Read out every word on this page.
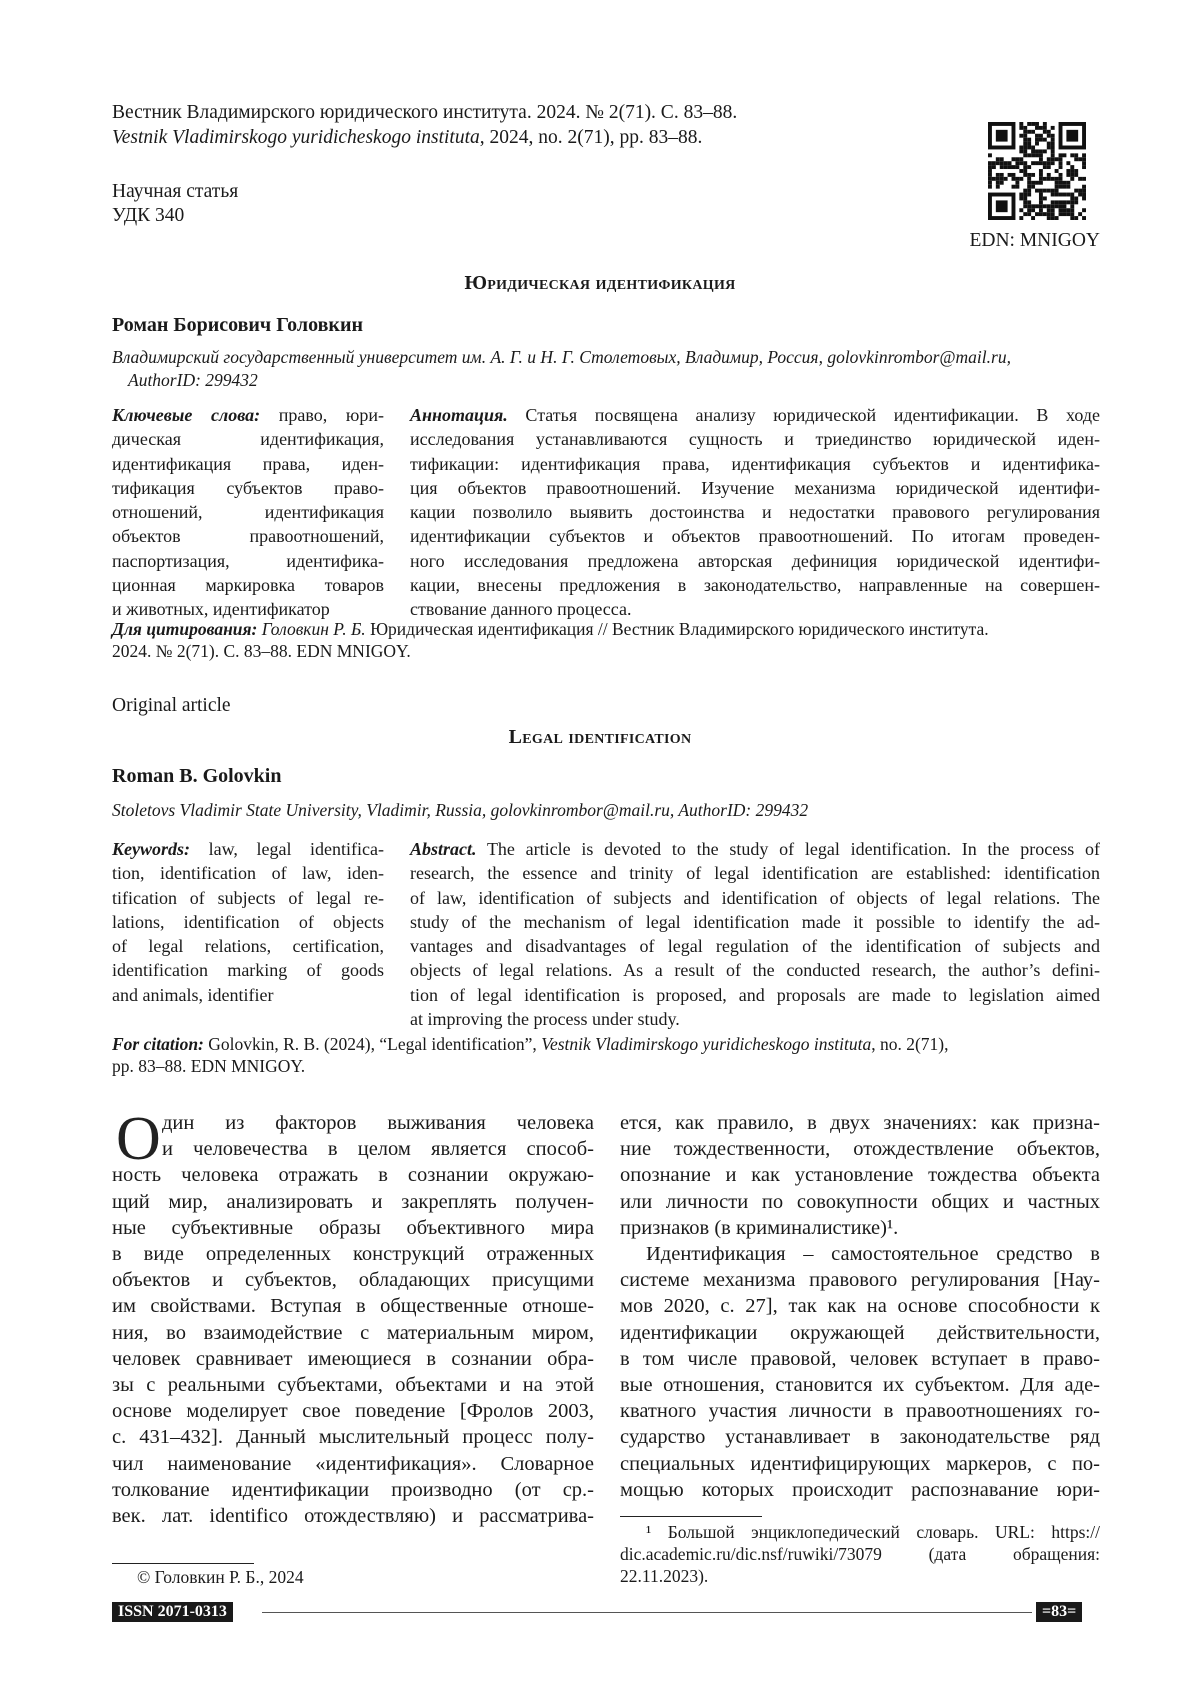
Вестник Владимирского юридического института. 2024. № 2(71). С. 83–88.
Vestnik Vladimirskogo yuridicheskogo instituta, 2024, no. 2(71), pp. 83–88.
Научная статья
УДК 340
EDN: MNIGOY
Юридическая идентификация
Роман Борисович Головкин
Владимирский государственный университет им. А. Г. и Н. Г. Столетовых, Владимир, Россия, golovkinrombor@mail.ru,
AuthorID: 299432
Ключевые слова: право, юри-
дическая идентификация,
идентификация права, иден-
тификация субъектов право-
отношений, идентификация
объектов правоотношений,
паспортизация, идентифика-
ционная маркировка товаров
и животных, идентификатор
Аннотация. Статья посвящена анализу юридической идентификации. В ходе
исследования устанавливаются сущность и триединство юридической иден-
тификации: идентификация права, идентификация субъектов и идентифика-
ция объектов правоотношений. Изучение механизма юридической идентифи-
кации позволило выявить достоинства и недостатки правового регулирования
идентификации субъектов и объектов правоотношений. По итогам проведен-
ного исследования предложена авторская дефиниция юридической идентифи-
кации, внесены предложения в законодательство, направленные на совершен-
ствование данного процесса.
Для цитирования: Головкин Р. Б. Юридическая идентификация // Вестник Владимирского юридического института.
2024. № 2(71). С. 83–88. EDN MNIGOY.
Original article
Legal identification
Roman B. Golovkin
Stoletovs Vladimir State University, Vladimir, Russia, golovkinrombor@mail.ru, AuthorID: 299432
Keywords: law, legal identifica-
tion, identification of law, iden-
tification of subjects of legal re-
lations, identification of objects
of legal relations, certification,
identification marking of goods
and animals, identifier
Abstract. The article is devoted to the study of legal identification. In the process of
research, the essence and trinity of legal identification are established: identification
of law, identification of subjects and identification of objects of legal relations. The
study of the mechanism of legal identification made it possible to identify the ad-
vantages and disadvantages of legal regulation of the identification of subjects and
objects of legal relations. As a result of the conducted research, the author’s defini-
tion of legal identification is proposed, and proposals are made to legislation aimed
at improving the process under study.
For citation: Golovkin, R. B. (2024), “Legal identification”, Vestnik Vladimirskogo yuridicheskogo instituta, no. 2(71),
pp. 83–88. EDN MNIGOY.
О дин из факторов выживания человека
и человечества в целом является способ-
ность человека отражать в сознании окружаю-
щий мир, анализировать и закреплять получен-
ные субъективные образы объективного мира
в виде определенных конструкций отраженных
объектов и субъектов, обладающих присущими
им свойствами. Вступая в общественные отноше-
ния, во взаимодействие с материальным миром,
человек сравнивает имеющиеся в сознании обра-
зы с реальными субъектами, объектами и на этой
основе моделирует свое поведение [Фролов 2003,
с. 431–432]. Данный мыслительный процесс полу-
чил наименование «идентификация». Словарное
толкование идентификации производно (от ср.-
век. лат. identifico отождествляю) и рассматрива-
ется, как правило, в двух значениях: как призна-
ние тождественности, отождествление объектов,
опознание и как установление тождества объекта
или личности по совокупности общих и частных
признаков (в криминалистике)¹.
Идентификация – самостоятельное средство в
системе механизма правового регулирования [Нау-
мов 2020, с. 27], так как на основе способности к
идентификации окружающей действительности,
в том числе правовой, человек вступает в право-
вые отношения, становится их субъектом. Для аде-
кватного участия личности в правоотношениях го-
сударство устанавливает в законодательстве ряд
специальных идентифицирующих маркеров, с по-
мощью которых происходит распознавание юри-
¹ Большой энциклопедический словарь. URL: https://
dic.academic.ru/dic.nsf/ruwiki/73079 (дата обращения:
22.11.2023).
© Головкин Р. Б., 2024
ISSN 2071-0313	=83=
